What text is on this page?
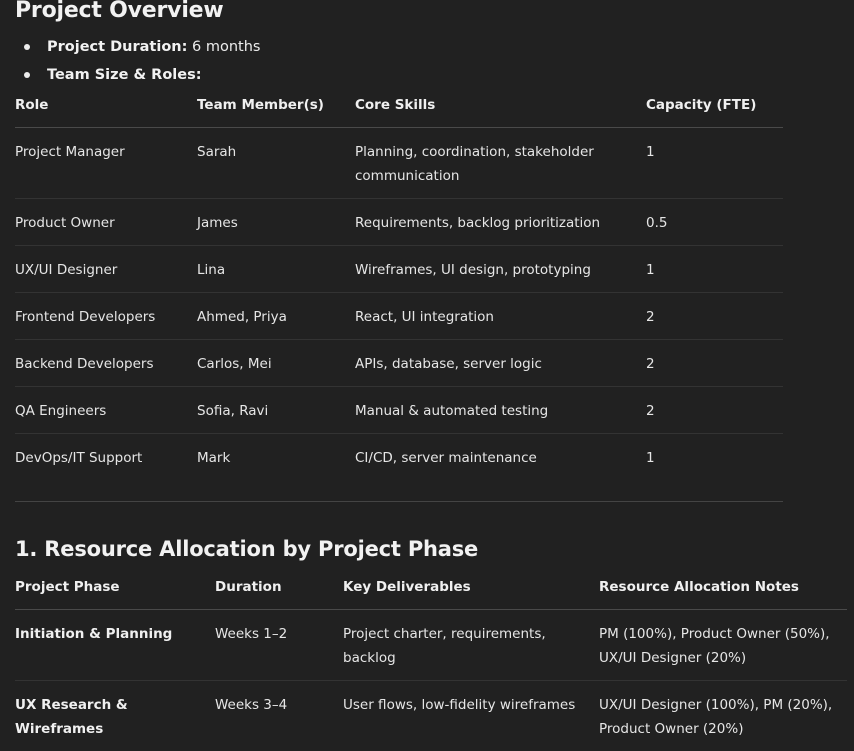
Project Overview
Project Duration: 6 months
Team Size & Roles:
Role	Team Member(s)	Core Skills	Capacity (FTE)
Project Manager	Sarah	Planning, coordination, stakeholder communication	1
Product Owner	James	Requirements, backlog prioritization	0.5
UX/UI Designer	Lina	Wireframes, UI design, prototyping	1
Frontend Developers	Ahmed, Priya	React, UI integration	2
Backend Developers	Carlos, Mei	APIs, database, server logic	2
QA Engineers	Sofia, Ravi	Manual & automated testing	2
DevOps/IT Support	Mark	CI/CD, server maintenance	1
1. Resource Allocation by Project Phase
Project Phase	Duration	Key Deliverables	Resource Allocation Notes
Initiation & Planning	Weeks 1–2	Project charter, requirements, backlog	PM (100%), Product Owner (50%), UX/UI Designer (20%)
UX Research & Wireframes	Weeks 3–4	User flows, low-fidelity wireframes	UX/UI Designer (100%), PM (20%), Product Owner (20%)
